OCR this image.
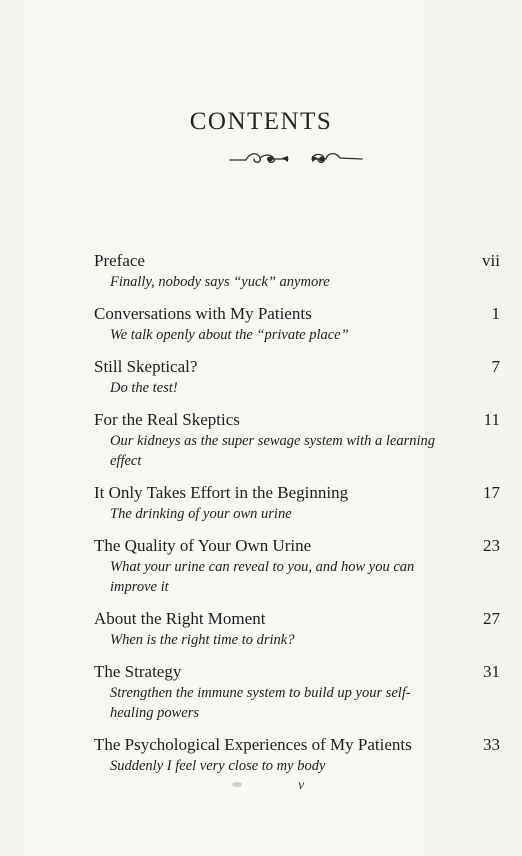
CONTENTS
Preface	vii
Finally, nobody says “yuck” anymore
Conversations with My Patients	1
We talk openly about the “private place”
Still Skeptical?	7
Do the test!
For the Real Skeptics	11
Our kidneys as the super sewage system with a learning effect
It Only Takes Effort in the Beginning	17
The drinking of your own urine
The Quality of Your Own Urine	23
What your urine can reveal to you, and how you can improve it
About the Right Moment	27
When is the right time to drink?
The Strategy	31
Strengthen the immune system to build up your self-healing powers
The Psychological Experiences of My Patients	33
Suddenly I feel very close to my body
v
